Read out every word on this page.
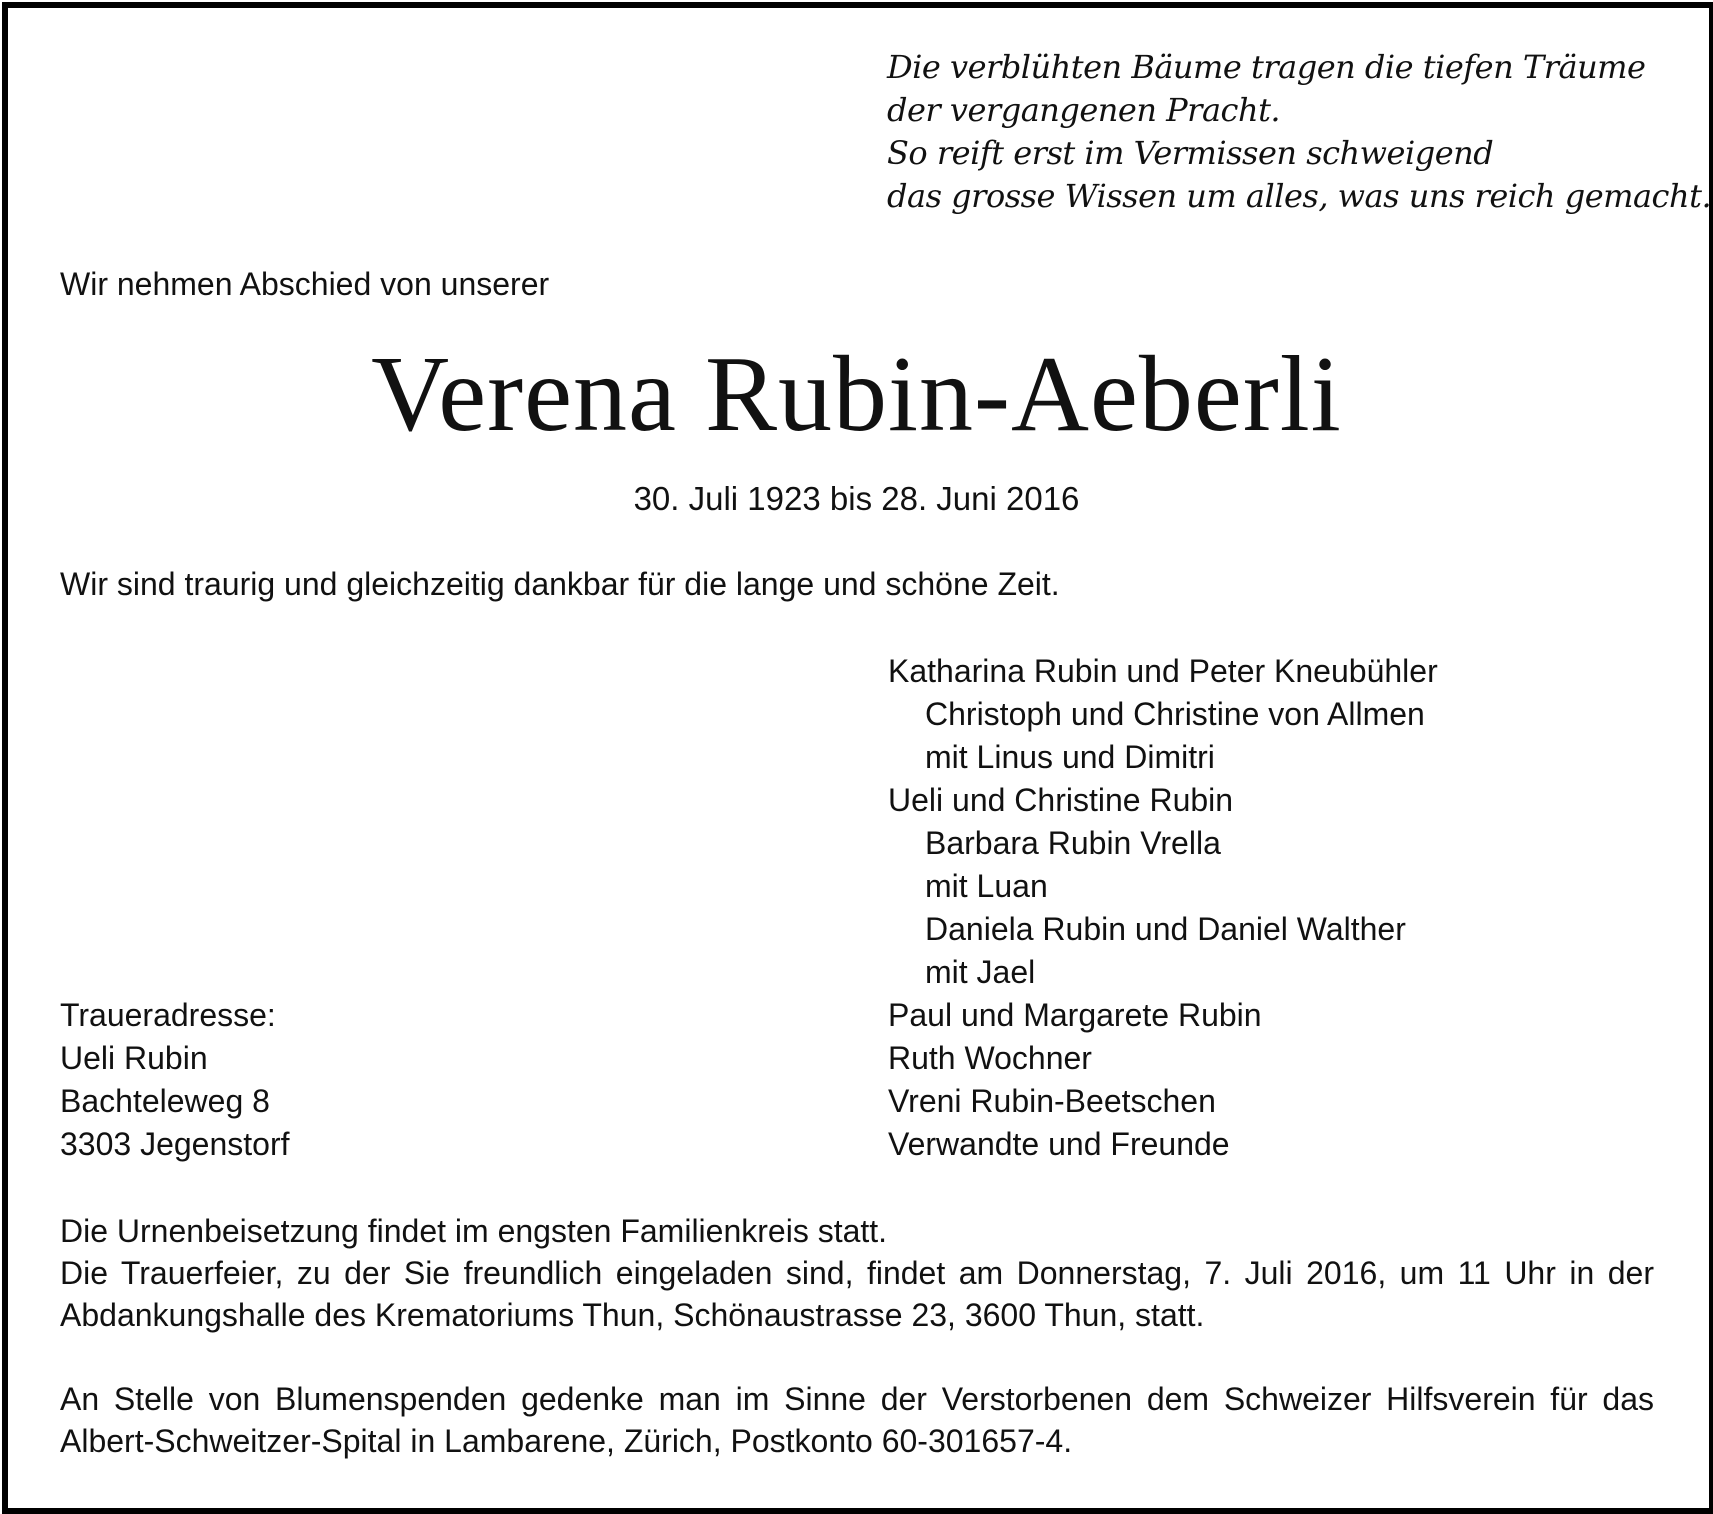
Die verblühten Bäume tragen die tiefen Träume
der vergangenen Pracht.
So reift erst im Vermissen schweigend
das grosse Wissen um alles, was uns reich gemacht.
Wir nehmen Abschied von unserer
Verena Rubin-Aeberli
30. Juli 1923 bis 28. Juni 2016
Wir sind traurig und gleichzeitig dankbar für die lange und schöne Zeit.
Katharina Rubin und Peter Kneubühler
Christoph und Christine von Allmen
mit Linus und Dimitri
Ueli und Christine Rubin
Barbara Rubin Vrella
mit Luan
Daniela Rubin und Daniel Walther
mit Jael
Paul und Margarete Rubin
Ruth Wochner
Vreni Rubin-Beetschen
Verwandte und Freunde
Traueradresse:
Ueli Rubin
Bachteleweg 8
3303 Jegenstorf

Die Urnenbeisetzung findet im engsten Familienkreis statt.

Die Trauerfeier, zu der Sie freundlich eingeladen sind, findet am Donnerstag, 7. Juli 2016, um 11 Uhr in der Abdankungshalle des Krematoriums Thun, Schönaustrasse 23, 3600 Thun, statt.

An Stelle von Blumenspenden gedenke man im Sinne der Verstorbenen dem Schweizer Hilfsverein für das Albert-Schweitzer-Spital in Lambarene, Zürich, Postkonto 60-301657-4.
